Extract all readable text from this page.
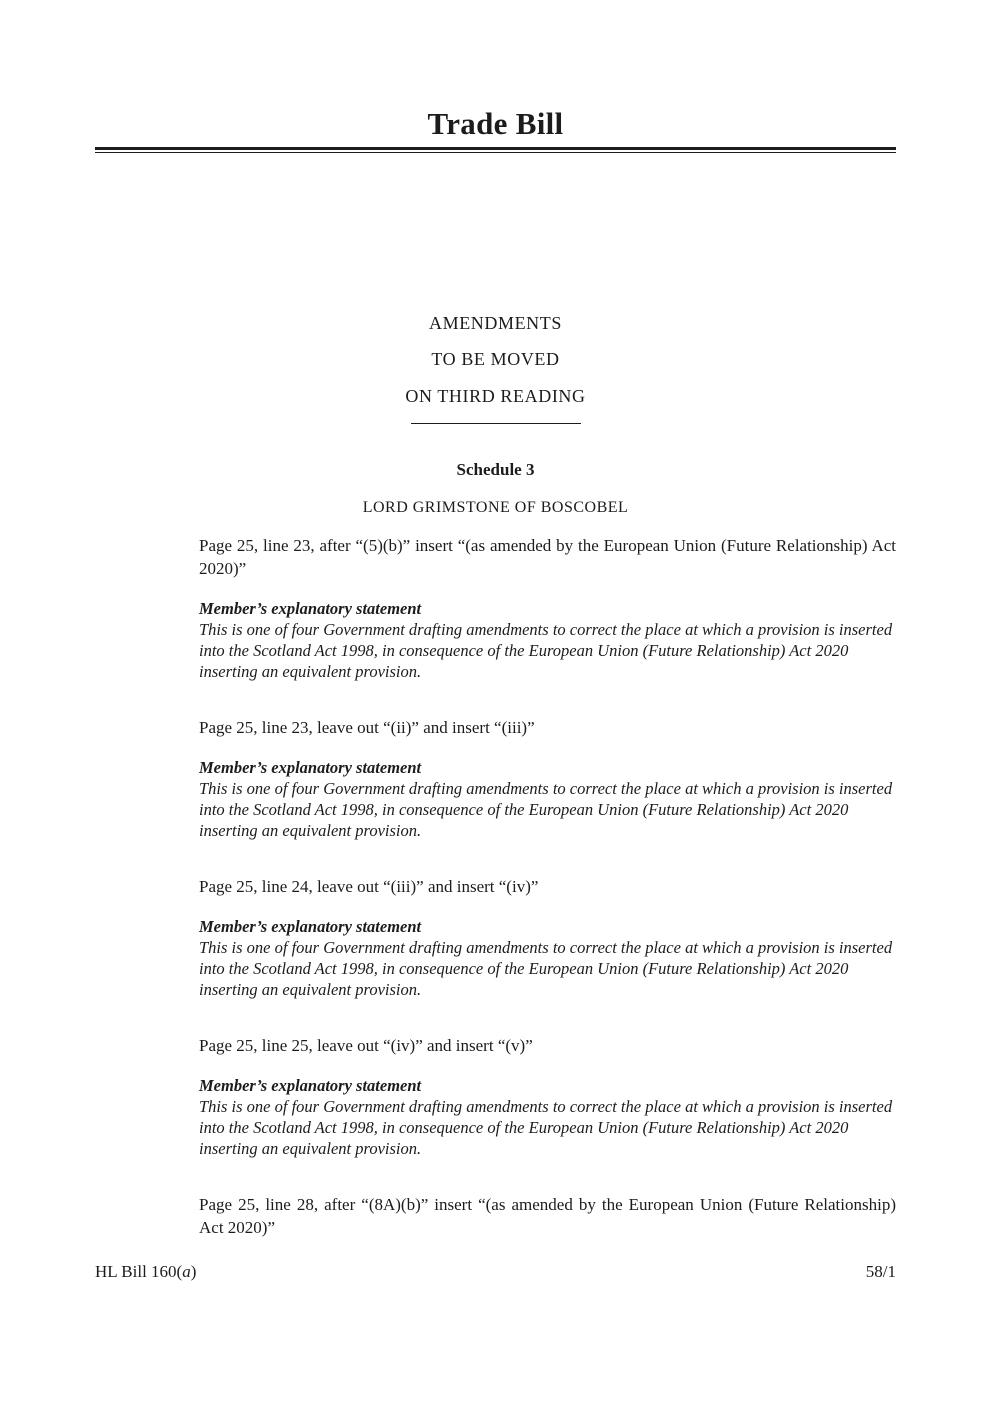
Trade Bill
AMENDMENTS
TO BE MOVED
ON THIRD READING
Schedule 3
LORD GRIMSTONE OF BOSCOBEL

Page 25, line 23, after “(5)(b)” insert “(as amended by the European Union (Future Relationship) Act 2020)”

Member’s explanatory statement

This is one of four Government drafting amendments to correct the place at which a provision is inserted into the Scotland Act 1998, in consequence of the European Union (Future Relationship) Act 2020 inserting an equivalent provision.

Page 25, line 23, leave out “(ii)” and insert “(iii)”

Member’s explanatory statement

This is one of four Government drafting amendments to correct the place at which a provision is inserted into the Scotland Act 1998, in consequence of the European Union (Future Relationship) Act 2020 inserting an equivalent provision.

Page 25, line 24, leave out “(iii)” and insert “(iv)”

Member’s explanatory statement

This is one of four Government drafting amendments to correct the place at which a provision is inserted into the Scotland Act 1998, in consequence of the European Union (Future Relationship) Act 2020 inserting an equivalent provision.

Page 25, line 25, leave out “(iv)” and insert “(v)”

Member’s explanatory statement

This is one of four Government drafting amendments to correct the place at which a provision is inserted into the Scotland Act 1998, in consequence of the European Union (Future Relationship) Act 2020 inserting an equivalent provision.

Page 25, line 28, after “(8A)(b)” insert “(as amended by the European Union (Future Relationship) Act 2020)”

HL Bill 160(a)	58/1
